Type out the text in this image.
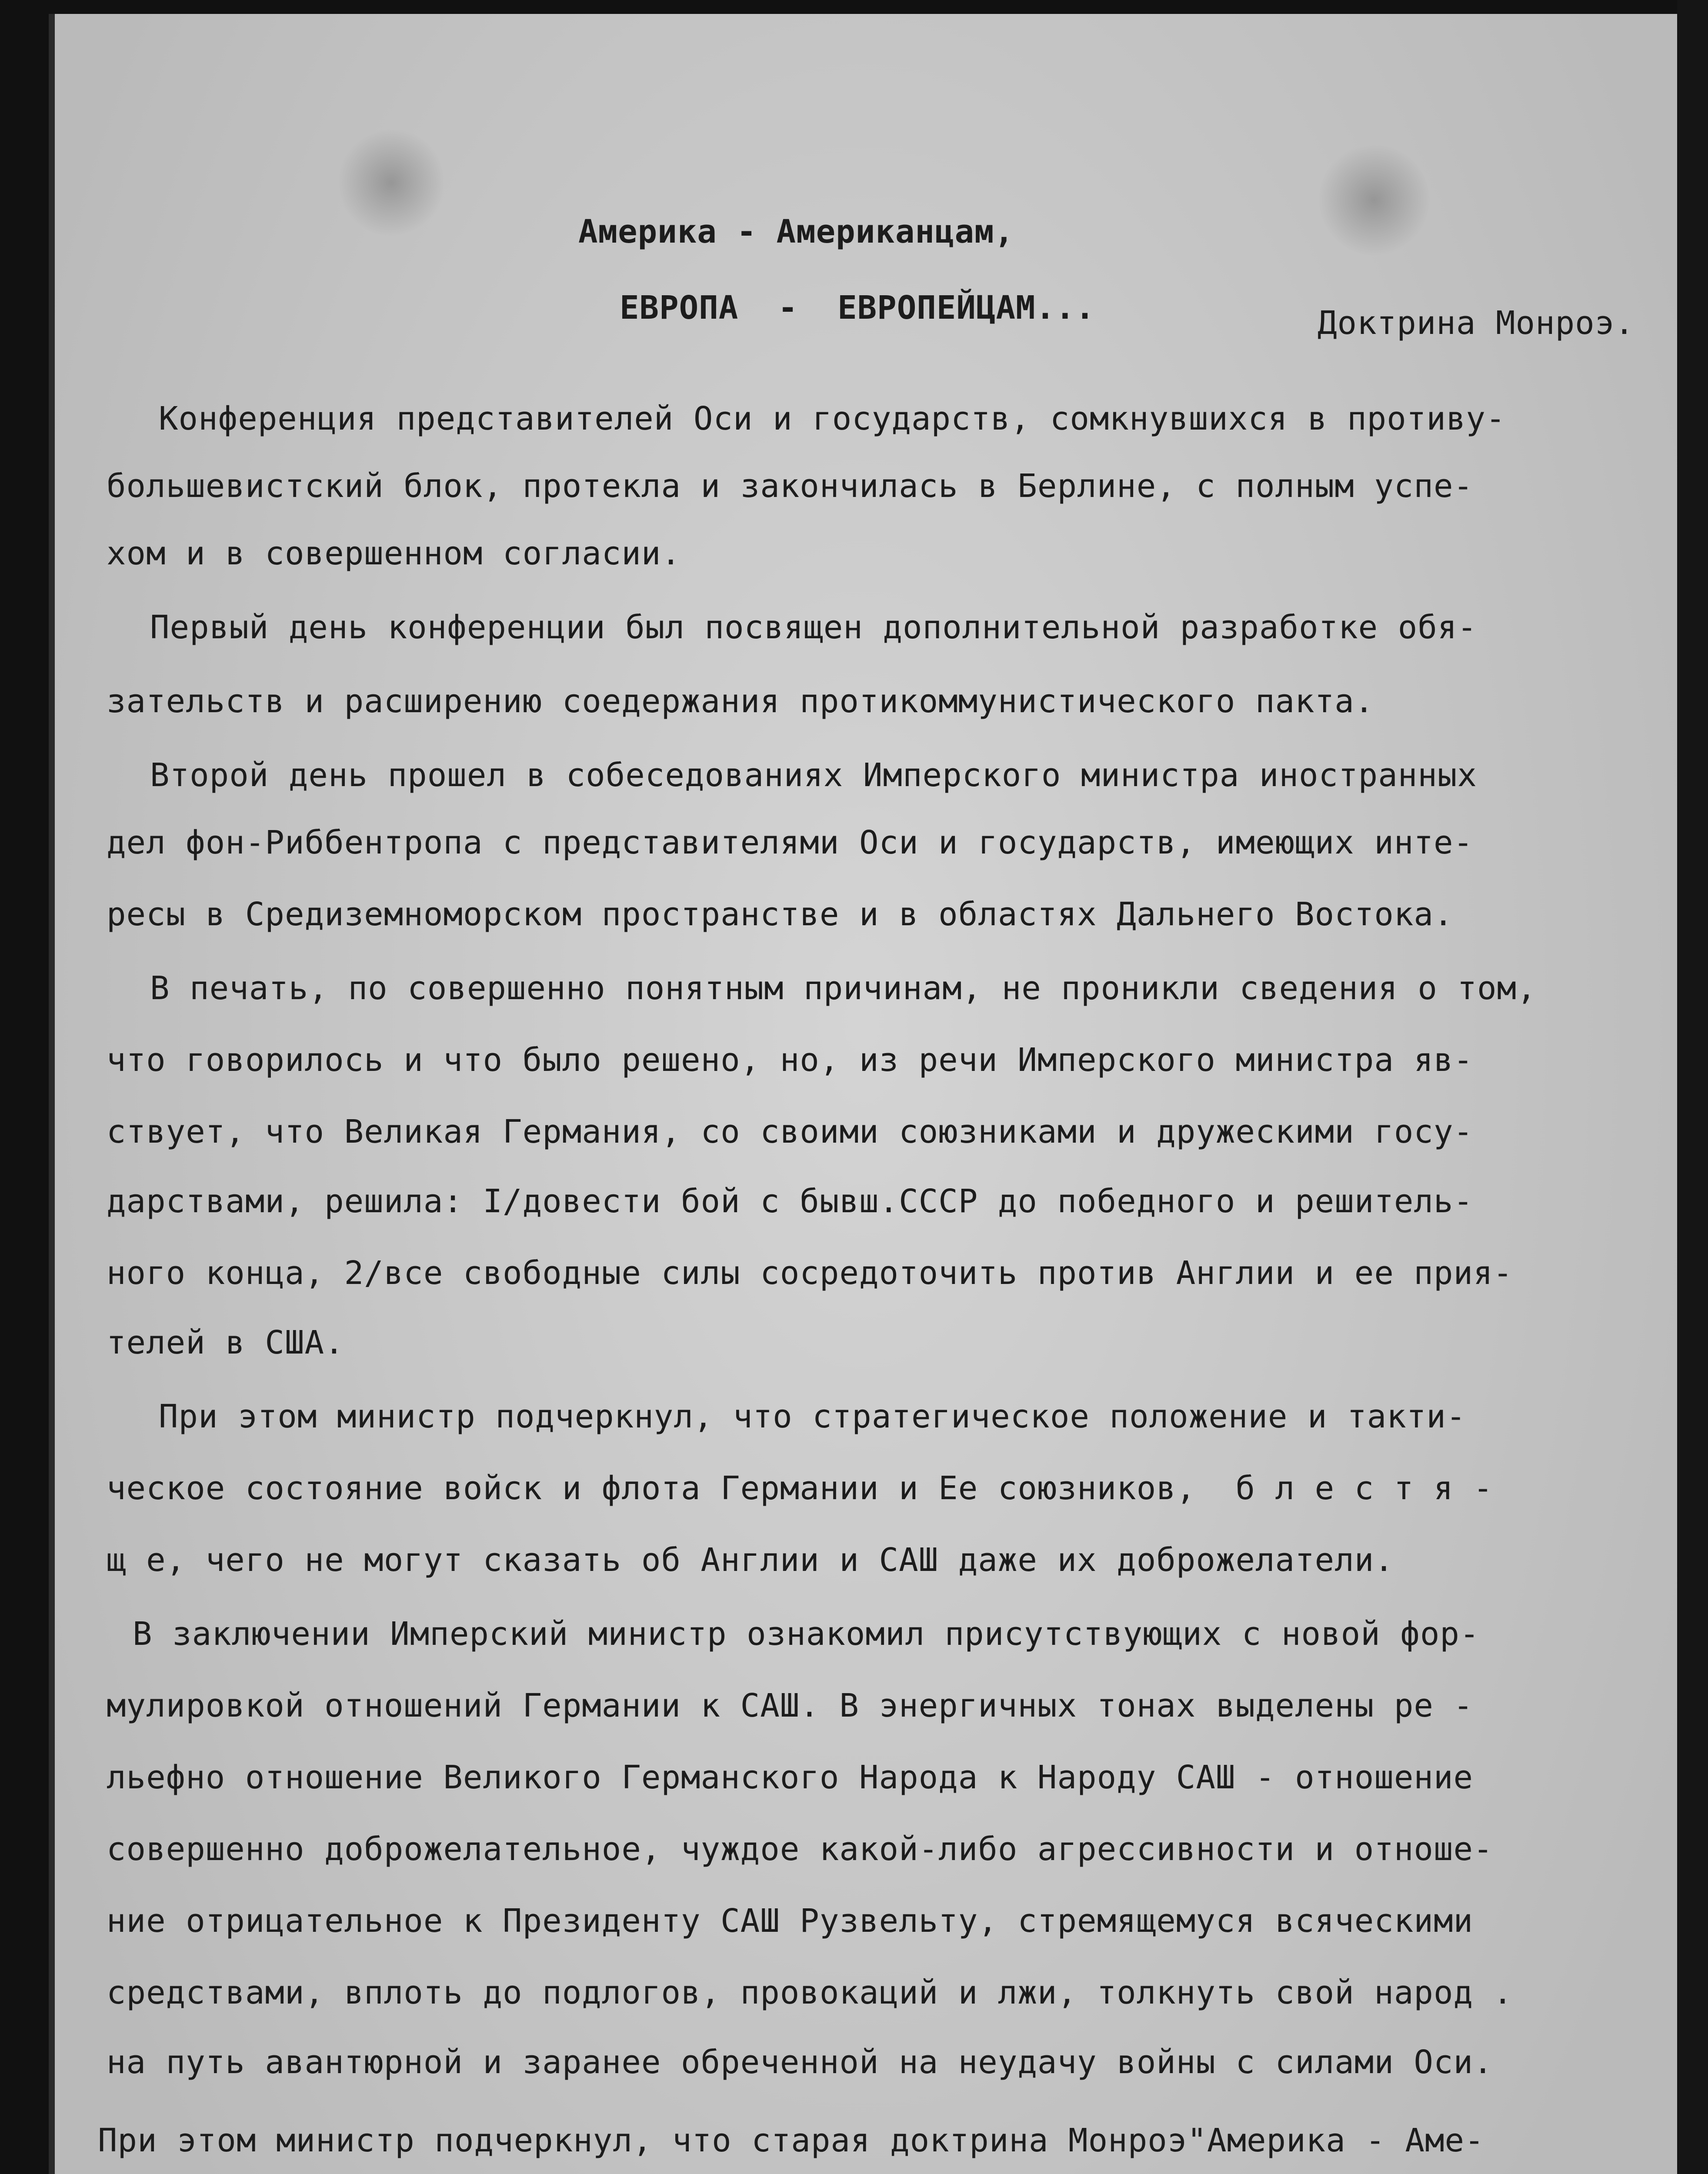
Америка - Американцам,
ЕВРОПА  -  ЕВРОПЕЙЦАМ...	Доктрина Монроэ.
Конференция представителей Оси и государств, сомкнувшихся в противу-
большевистский блок, протекла и закончилась в Берлине, с полным успе-
хом и в совершенном согласии.
Первый день конференции был посвящен дополнительной разработке обя-
зательств и расширению соедержания протикоммунистического пакта.
Второй день прошел в собеседованиях Имперского министра иностранных
дел фон-Риббентропа с представителями Оси и государств, имеющих инте-
ресы в Средиземноморском пространстве и в областях Дальнего Востока.
В печать, по совершенно понятным причинам, не проникли сведения о том,
что говорилось и что было решено, но, из речи Имперского министра яв-
ствует, что Великая Германия, со своими союзниками и дружескими госу-
дарствами, решила: I/довести бой с бывш.СССР до победного и решитель-
ного конца, 2/все свободные силы сосредоточить против Англии и ее прия-
телей в США.
При этом министр подчеркнул, что стратегическое положение и такти-
ческое состояние войск и флота Германии и Ее союзников,  б л е с т я -
щ е, чего не могут сказать об Англии и САШ даже их доброжелатели.
В заключении Имперский министр ознакомил присутствующих с новой фор-
мулировкой отношений Германии к САШ. В энергичных тонах выделены ре -
льефно отношение Великого Германского Народа к Народу САШ - отношение
совершенно доброжелательное, чуждое какой-либо агрессивности и отноше-
ние отрицательное к Президенту САШ Рузвельту, стремящемуся всяческими
средствами, вплоть до подлогов, провокаций и лжи, толкнуть свой народ .
на путь авантюрной и заранее обреченной на неудачу войны с силами Оси.
При этом министр подчеркнул, что старая доктрина Монроэ"Америка - Аме-
